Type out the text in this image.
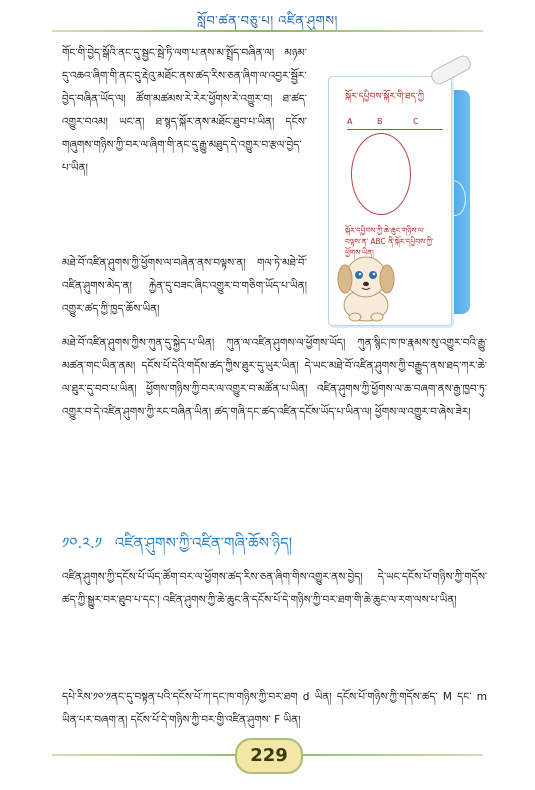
སློབ་ཚན་བཅུ་པ། འཛིན་ཤུགས།

གོང་གི་བྱེད་སྒོའི་ནང་དུ་སྦྱང་སྦེ་ཏི་ལག་པ་ནས་མ་སྤྲོད་བཞིན་ལ། མཉམ་དུ་འཆའ་ཞིག་གི་ནང་དུ་རྡེའུ་མཐོང་ནས་ཚད་རིས་ཅན་ཞིག་ལ་འབྱར་སྦྱོར་བྱེད་བཞིན་ཡོད་ལ། ཚོག་མཚམས་རེ་རེར་ཕྱོགས་རེ་འགྱུར་བ། ཐ་ཚད་འགྱུར་བའམ། ཡང་ན། ཐ་སྙད་སྐོར་ནས་མཐོང་ཐུབ་པ་ཡིན། དངོས་གཞུགས་གཉིས་ཀྱི་བར་ལ་ཞིག་གི་ནང་དུ་རྒྱུ་མཐུད་དེ་འགྱུར་བ་རྩལ་བྱེད་པ་ཡིན།

མཐེ་བོ་འཛིན་ཤུགས་ཀྱི་ཕྱོགས་ལ་བཞེན་ནས་བལྟས་ན། གལ་ཏེ་མཐེ་བོ་འཛིན་ཤུགས་མེད་ན། རྐྱེན་དུ་བཟང་ཞིང་འགྱུར་བ་གཅིག་ཡོད་པ་ཡིན། འགྱུར་ཚད་ཀྱི་ཁྱད་ཆོས་ཡིན།

མཐེ་བོ་འཛིན་ཤུགས་ཀྱིས་ཀུན་དུ་སྐྱེད་པ་ཡིན། ཀུན་ལ་འཛིན་ཤུགས་ལ་ཕྱོགས་ཡོད། ཀུན་སྙིང་ཁ་ཁ་རྣམས་སུ་འགྱུར་བའི་རྒྱུ་མཚན་གང་ཡིན་ནམ། དངོས་པོ་དེའི་གདོས་ཚད་ཀྱིས་ཐུར་དུ་ཡུར་ཡིན། དེ་ཡང་མཐེ་བོ་འཛིན་ཤུགས་ཀྱི་བརྒྱུད་ནས་ཐད་ཀར་ཆེ་ལ་ཐུར་དུ་བབ་པ་ཡིན། ཕྱོགས་གཉིས་ཀྱི་བར་ལ་འགྱུར་བ་མཚོན་པ་ཡིན། འཛིན་ཤུགས་ཀྱི་ཕྱོགས་ལ་ཆ་བཞག་ནས་རྒྱ་ཁྱབ་ཏུ་འགྱུར་བ་དེ་འཛིན་ཤུགས་ཀྱི་རང་བཞིན་ཡིན། ཚད་གཞི་དང་ཚད་འཛིན་དངོས་ཡོད་པ་ཡིན་ལ། ཕྱོགས་ལ་འགྱུར་བ་ཞེས་ཟེར།

སྐོར་དཔྱིབས་སྐོར་གི་ཐད་ཀྱི
A	B	C
སྐོར་དཔྱིབས་ཀྱི་ཆེ་ཆུང་གཉིས་ལ་བལྟས་ན་ ABC ནི་སྐོར་དཔྱིབས་ཀྱི་ཕྱོགས་ཡིན།
༡༠.༢.༡ འཛིན་ཤུགས་ཀྱི་འཛིན་གཞི་ཆོས་ཉིད།

འཛིན་ཤུགས་ཀྱི་དངོས་པོ་ཡོད་ཚོག་བར་ལ་ཕྱོགས་ཚད་རིས་ཅན་ཞིག་གིས་འགྱུར་ནས་བྱེད། དེ་ཡང་དངོས་པོ་གཉིས་ཀྱི་གདོས་ཚད་ཀྱི་སྒྱུར་བར་ཐུབ་པ་དང་། འཛིན་ཤུགས་ཀྱི་ཆེ་ཆུང་ནི་དངོས་པོ་དེ་གཉིས་ཀྱི་བར་ཐག་གི་ཆེ་ཆུང་ལ་རག་ལས་པ་ཡིན།

དཔེ་རིས་༡༠་༡ནང་དུ་བསྟན་པའི་དངོས་པོ་ཀ་དང་ཁ་གཉིས་ཀྱི་བར་ཐག d ཡིན། དངོས་པོ་གཉིས་ཀྱི་གདོས་ཚད་ M དང་ m ཡིན་པར་བཞག་ན། དངོས་པོ་དེ་གཉིས་ཀྱི་བར་གྱི་འཛིན་ཤུགས་ F ཡིན།

229
